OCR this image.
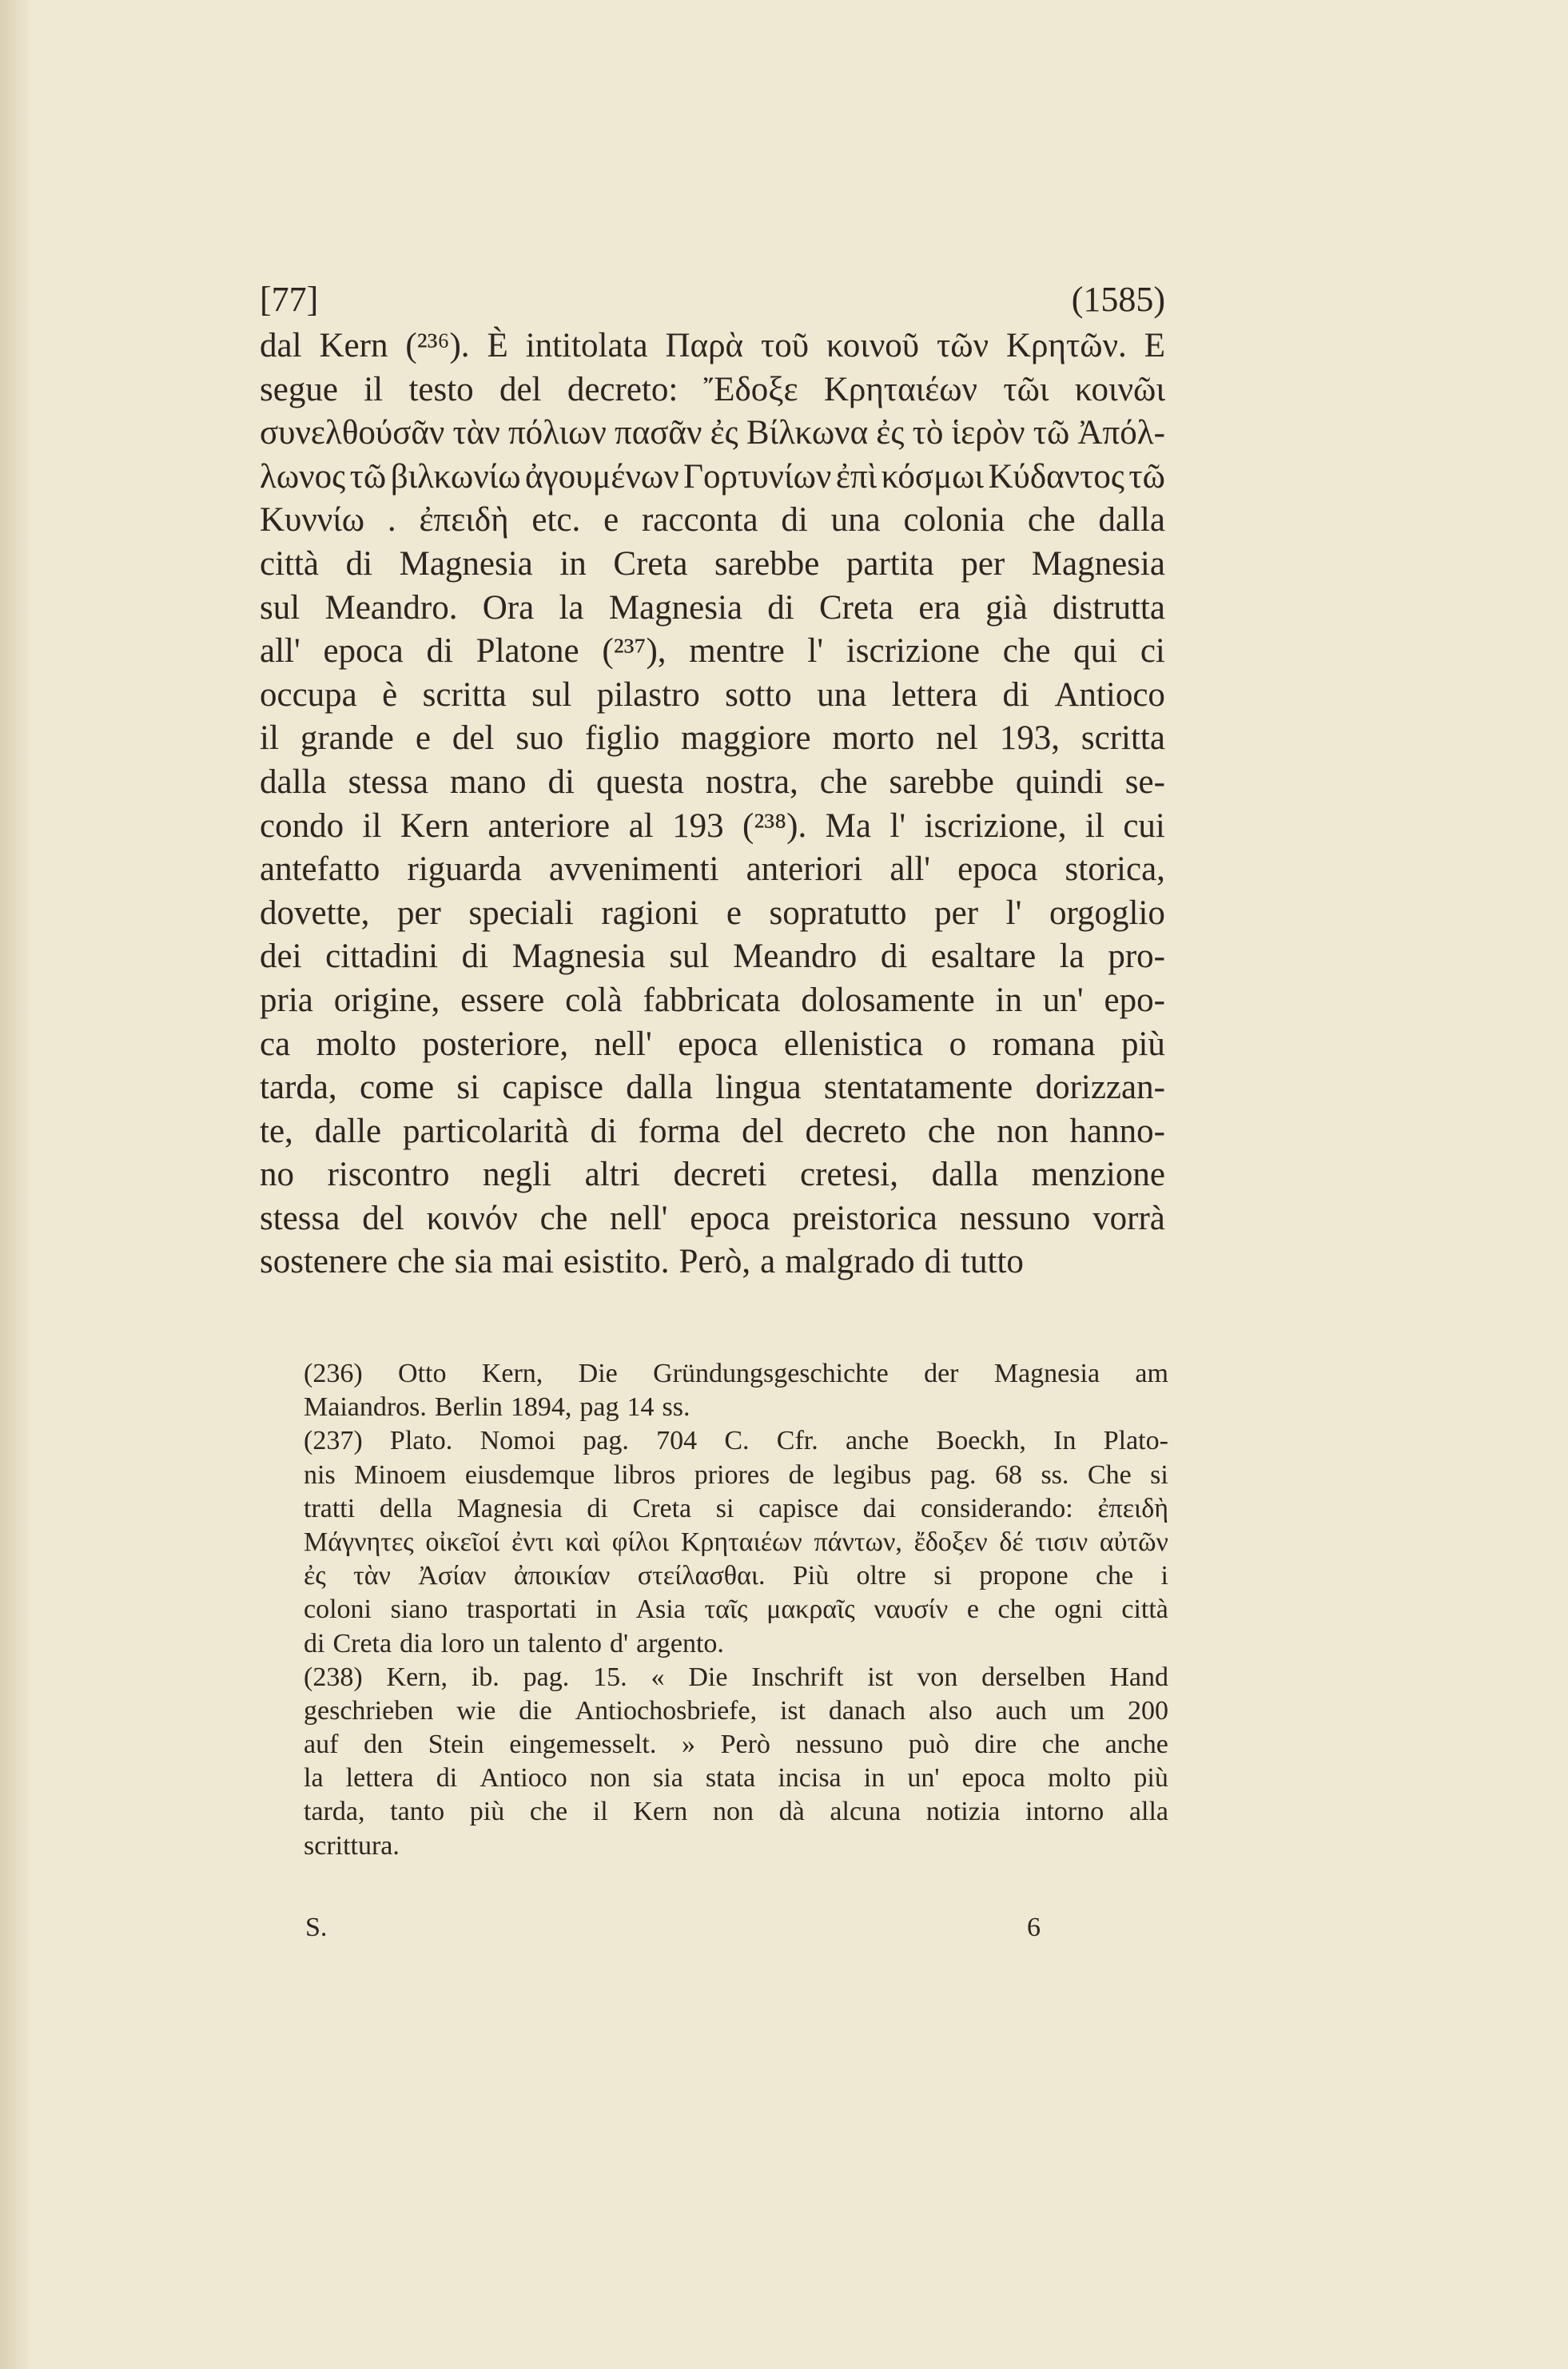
[77]	(1585)
dal Kern (²³⁶). È intitolata Παρὰ τοῦ κοινοῦ τῶν Κρητῶν. E
segue il testo del decreto: Ἔδοξε Κρηταιέων τῶι κοινῶι
συνελθούσᾶν τὰν πόλιων πασᾶν ἐς Βίλκωνα ἐς τὸ ἱερὸν τῶ Ἀπόλ-
λωνος τῶ βιλκωνίω ἀγουμένων Γορτυνίων ἐπὶ κόσμωι Κύδαντος τῶ
Κυννίω . ἐπειδὴ etc. e racconta di una colonia che dalla
città di Magnesia in Creta sarebbe partita per Magnesia
sul Meandro. Ora la Magnesia di Creta era già distrutta
all' epoca di Platone (²³⁷), mentre l' iscrizione che qui ci
occupa è scritta sul pilastro sotto una lettera di Antioco
il grande e del suo figlio maggiore morto nel 193, scritta
dalla stessa mano di questa nostra, che sarebbe quindi se-
condo il Kern anteriore al 193 (²³⁸). Ma l' iscrizione, il cui
antefatto riguarda avvenimenti anteriori all' epoca storica,
dovette, per speciali ragioni e sopratutto per l' orgoglio
dei cittadini di Magnesia sul Meandro di esaltare la pro-
pria origine, essere colà fabbricata dolosamente in un' epo-
ca molto posteriore, nell' epoca ellenistica o romana più
tarda, come si capisce dalla lingua stentatamente dorizzan-
te, dalle particolarità di forma del decreto che non hanno-
no riscontro negli altri decreti cretesi, dalla menzione
stessa del κοινόν che nell' epoca preistorica nessuno vorrà
sostenere che sia mai esistito. Però, a malgrado di tutto
(236) Otto Kern, Die Gründungsgeschichte der Magnesia am
Maiandros. Berlin 1894, pag 14 ss.
(237) Plato. Nomoi pag. 704 C. Cfr. anche Boeckh, In Plato-
nis Minoem eiusdemque libros priores de legibus pag. 68 ss. Che si
tratti della Magnesia di Creta si capisce dai considerando: ἐπειδὴ
Μάγνητες οἰκεῖοί ἐντι καὶ φίλοι Κρηταιέων πάντων, ἔδοξεν δέ τισιν αὐτῶν
ἐς τὰν Ἀσίαν ἀποικίαν στείλασθαι. Più oltre si propone che i
coloni siano trasportati in Asia ταῖς μακραῖς ναυσίν e che ogni città
di Creta dia loro un talento d' argento.
(238) Kern, ib. pag. 15. « Die Inschrift ist von derselben Hand
geschrieben wie die Antiochosbriefe, ist danach also auch um 200
auf den Stein eingemesselt. » Però nessuno può dire che anche
la lettera di Antioco non sia stata incisa in un' epoca molto più
tarda, tanto più che il Kern non dà alcuna notizia intorno alla
scrittura.
S.	6
